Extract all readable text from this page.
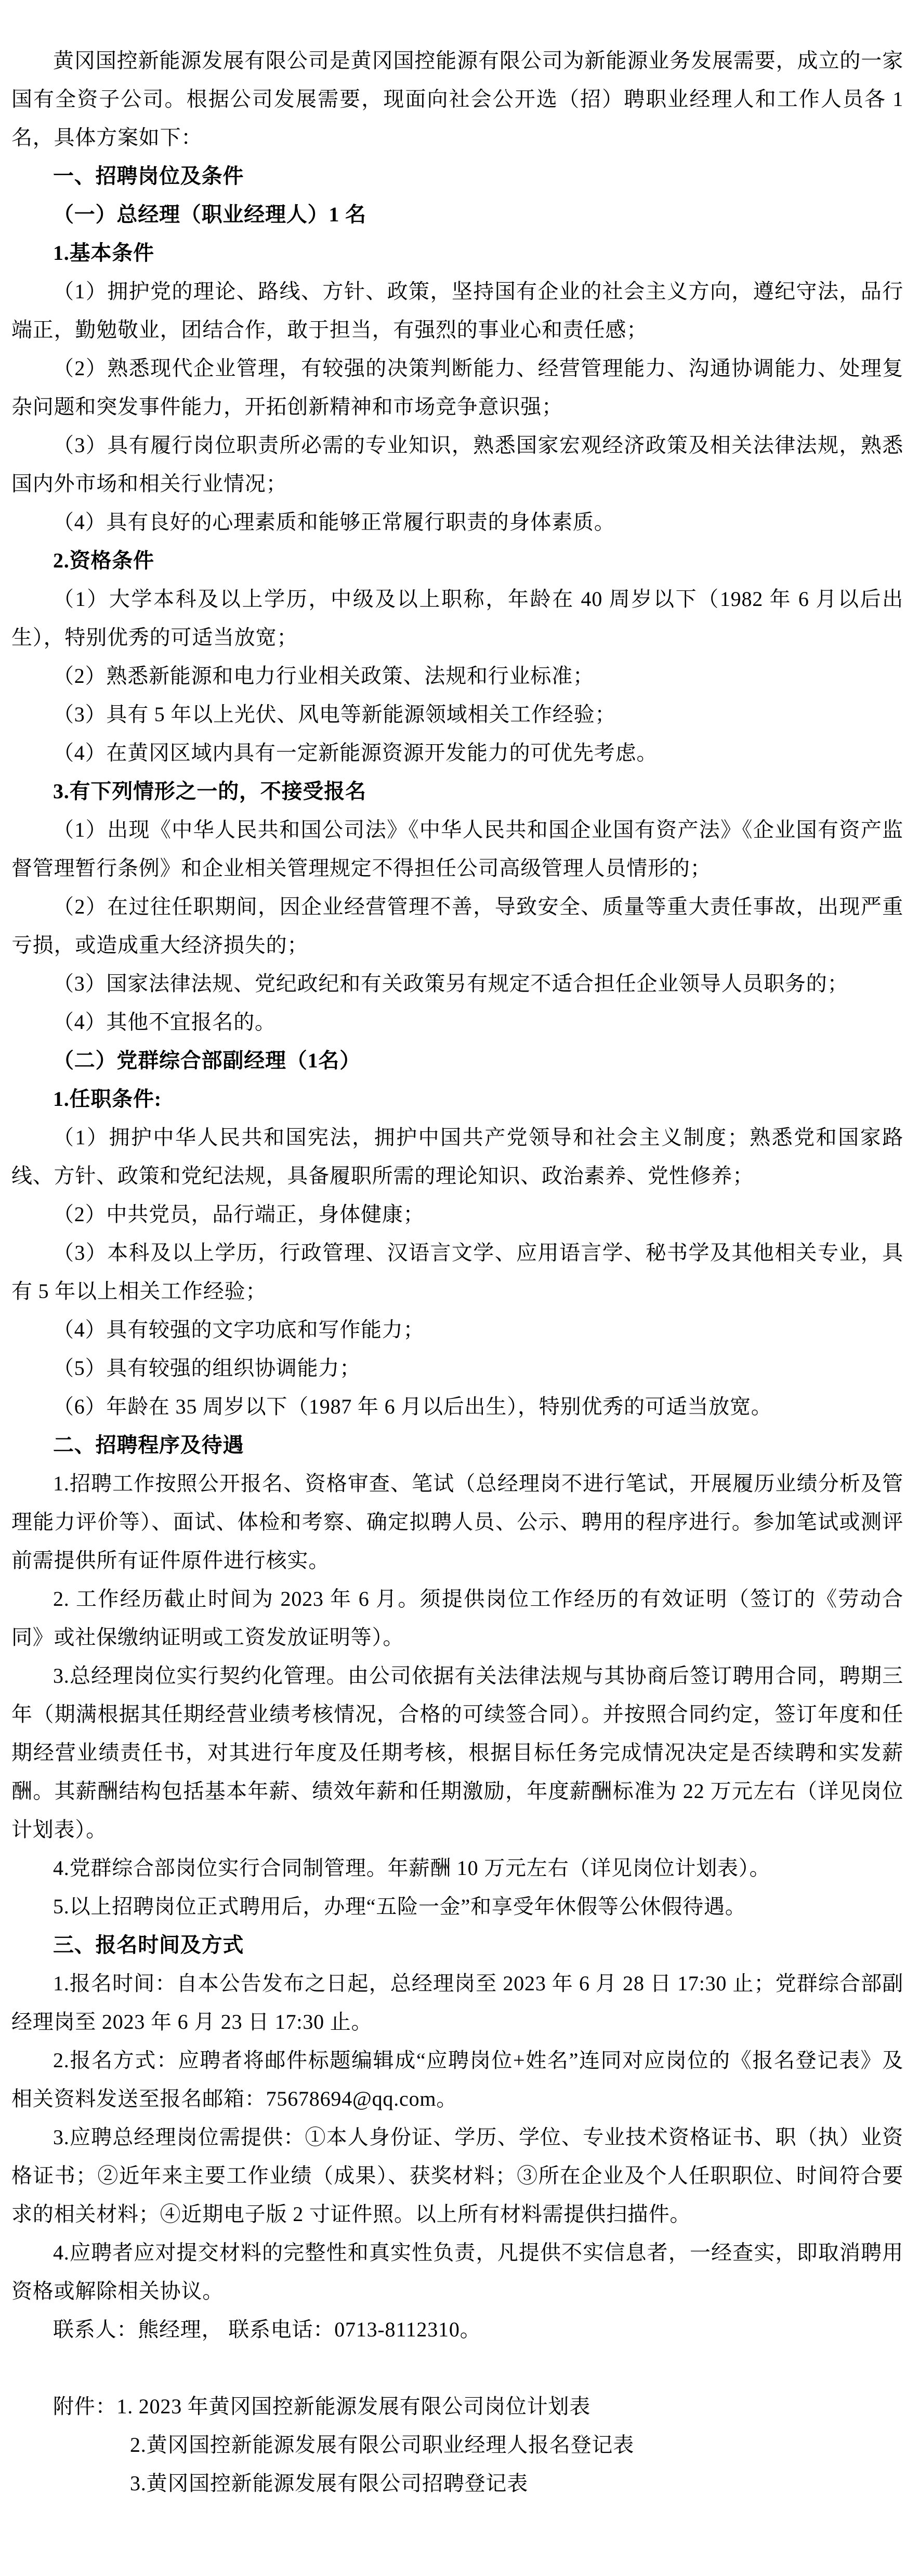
黄冈国控新能源发展有限公司是黄冈国控能源有限公司为新能源业务发展需要，成立的一家国有全资子公司。根据公司发展需要，现面向社会公开选（招）聘职业经理人和工作人员各 1 名，具体方案如下：
一、招聘岗位及条件
（一）总经理（职业经理人）1 名
1.基本条件
（1）拥护党的理论、路线、方针、政策，坚持国有企业的社会主义方向，遵纪守法，品行端正，勤勉敬业，团结合作，敢于担当，有强烈的事业心和责任感；
（2）熟悉现代企业管理，有较强的决策判断能力、经营管理能力、沟通协调能力、处理复杂问题和突发事件能力，开拓创新精神和市场竞争意识强；
（3）具有履行岗位职责所必需的专业知识，熟悉国家宏观经济政策及相关法律法规，熟悉国内外市场和相关行业情况；
（4）具有良好的心理素质和能够正常履行职责的身体素质。
2.资格条件
（1）大学本科及以上学历，中级及以上职称，年龄在 40 周岁以下（1982 年 6 月以后出生），特别优秀的可适当放宽；
（2）熟悉新能源和电力行业相关政策、法规和行业标准；
（3）具有 5 年以上光伏、风电等新能源领域相关工作经验；
（4）在黄冈区域内具有一定新能源资源开发能力的可优先考虑。
3.有下列情形之一的，不接受报名
（1）出现《中华人民共和国公司法》《中华人民共和国企业国有资产法》《企业国有资产监督管理暂行条例》和企业相关管理规定不得担任公司高级管理人员情形的；
（2）在过往任职期间，因企业经营管理不善，导致安全、质量等重大责任事故，出现严重亏损，或造成重大经济损失的；
（3）国家法律法规、党纪政纪和有关政策另有规定不适合担任企业领导人员职务的；
（4）其他不宜报名的。
（二）党群综合部副经理（1名）
1.任职条件:
（1）拥护中华人民共和国宪法，拥护中国共产党领导和社会主义制度；熟悉党和国家路线、方针、政策和党纪法规，具备履职所需的理论知识、政治素养、党性修养；
（2）中共党员，品行端正，身体健康；
（3）本科及以上学历，行政管理、汉语言文学、应用语言学、秘书学及其他相关专业，具有 5 年以上相关工作经验；
（4）具有较强的文字功底和写作能力；
（5）具有较强的组织协调能力；
（6）年龄在 35 周岁以下（1987 年 6 月以后出生），特别优秀的可适当放宽。
二、招聘程序及待遇
1.招聘工作按照公开报名、资格审查、笔试（总经理岗不进行笔试，开展履历业绩分析及管理能力评价等）、面试、体检和考察、确定拟聘人员、公示、聘用的程序进行。参加笔试或测评前需提供所有证件原件进行核实。
2. 工作经历截止时间为 2023 年 6 月。须提供岗位工作经历的有效证明（签订的《劳动合同》或社保缴纳证明或工资发放证明等）。
3.总经理岗位实行契约化管理。由公司依据有关法律法规与其协商后签订聘用合同，聘期三年（期满根据其任期经营业绩考核情况，合格的可续签合同）。并按照合同约定，签订年度和任期经营业绩责任书，对其进行年度及任期考核，根据目标任务完成情况决定是否续聘和实发薪酬。其薪酬结构包括基本年薪、绩效年薪和任期激励，年度薪酬标准为 22 万元左右（详见岗位计划表）。
4.党群综合部岗位实行合同制管理。年薪酬 10 万元左右（详见岗位计划表）。
5.以上招聘岗位正式聘用后，办理“五险一金”和享受年休假等公休假待遇。
三、报名时间及方式
1.报名时间：自本公告发布之日起，总经理岗至 2023 年 6 月 28 日 17:30 止；党群综合部副经理岗至 2023 年 6 月 23 日 17:30 止。
2.报名方式：应聘者将邮件标题编辑成“应聘岗位+姓名”连同对应岗位的《报名登记表》及相关资料发送至报名邮箱：75678694@qq.com。
3.应聘总经理岗位需提供：①本人身份证、学历、学位、专业技术资格证书、职（执）业资格证书；②近年来主要工作业绩（成果）、获奖材料；③所在企业及个人任职职位、时间符合要求的相关材料；④近期电子版 2 寸证件照。以上所有材料需提供扫描件。
4.应聘者应对提交材料的完整性和真实性负责，凡提供不实信息者，一经查实，即取消聘用资格或解除相关协议。
联系人：熊经理， 联系电话：0713-8112310。
附件：1. 2023 年黄冈国控新能源发展有限公司岗位计划表
2.黄冈国控新能源发展有限公司职业经理人报名登记表
3.黄冈国控新能源发展有限公司招聘登记表
